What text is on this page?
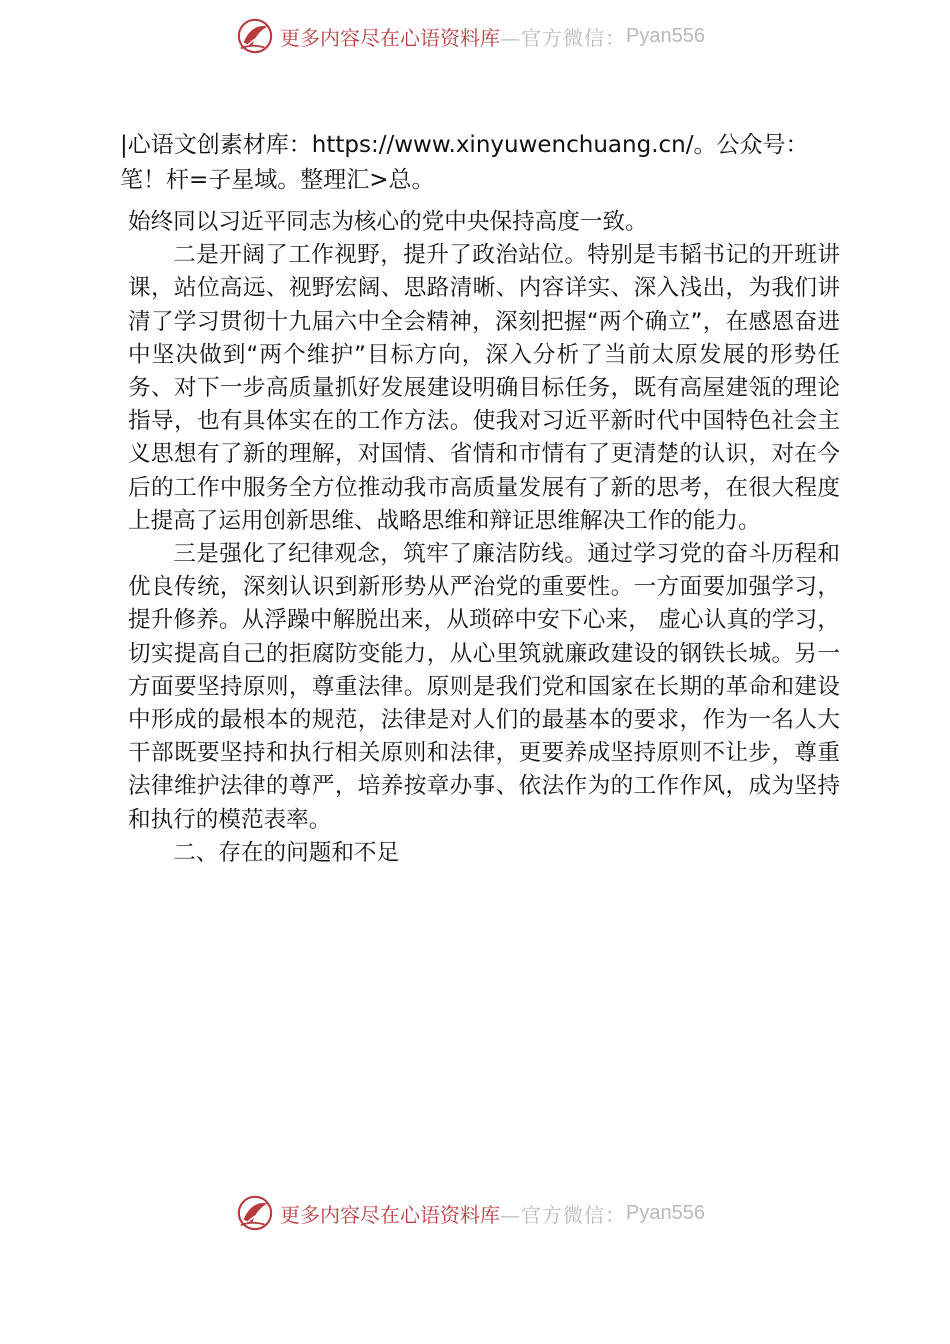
更多内容尽在心语资料库 —官方微信： Pyan556
|心语文创素材库：https://www.xinyuwenchuang.cn/。公众号：
笔！杆=子星域。整理汇>总。

始终同以习近平同志为核心的党中央保持高度一致。

二是开阔了工作视野，提升了政治站位。特别是韦韬书记的开班讲课，站位高远、视野宏阔、思路清晰、内容详实、深入浅出，为我们讲清了学习贯彻十九届六中全会精神，深刻把握“两个确立”，在感恩奋进中坚决做到“两个维护”目标方向，深入分析了当前太原发展的形势任务、对下一步高质量抓好发展建设明确目标任务，既有高屋建瓴的理论指导，也有具体实在的工作方法。使我对习近平新时代中国特色社会主义思想有了新的理解，对国情、省情和市情有了更清楚的认识，对在今后的工作中服务全方位推动我市高质量发展有了新的思考，在很大程度上提高了运用创新思维、战略思维和辩证思维解决工作的能力。

三是强化了纪律观念，筑牢了廉洁防线。通过学习党的奋斗历程和优良传统，深刻认识到新形势从严治党的重要性。一方面要加强学习，提升修养。从浮躁中解脱出来，从琐碎中安下心来， 虚心认真的学习，切实提高自己的拒腐防变能力，从心里筑就廉政建设的钢铁长城。另一方面要坚持原则，尊重法律。原则是我们党和国家在长期的革命和建设中形成的最根本的规范，法律是对人们的最基本的要求，作为一名人大干部既要坚持和执行相关原则和法律，更要养成坚持原则不让步，尊重法律维护法律的尊严，培养按章办事、依法作为的工作作风，成为坚持和执行的模范表率。

二、存在的问题和不足

更多内容尽在心语资料库 —官方微信： Pyan556
